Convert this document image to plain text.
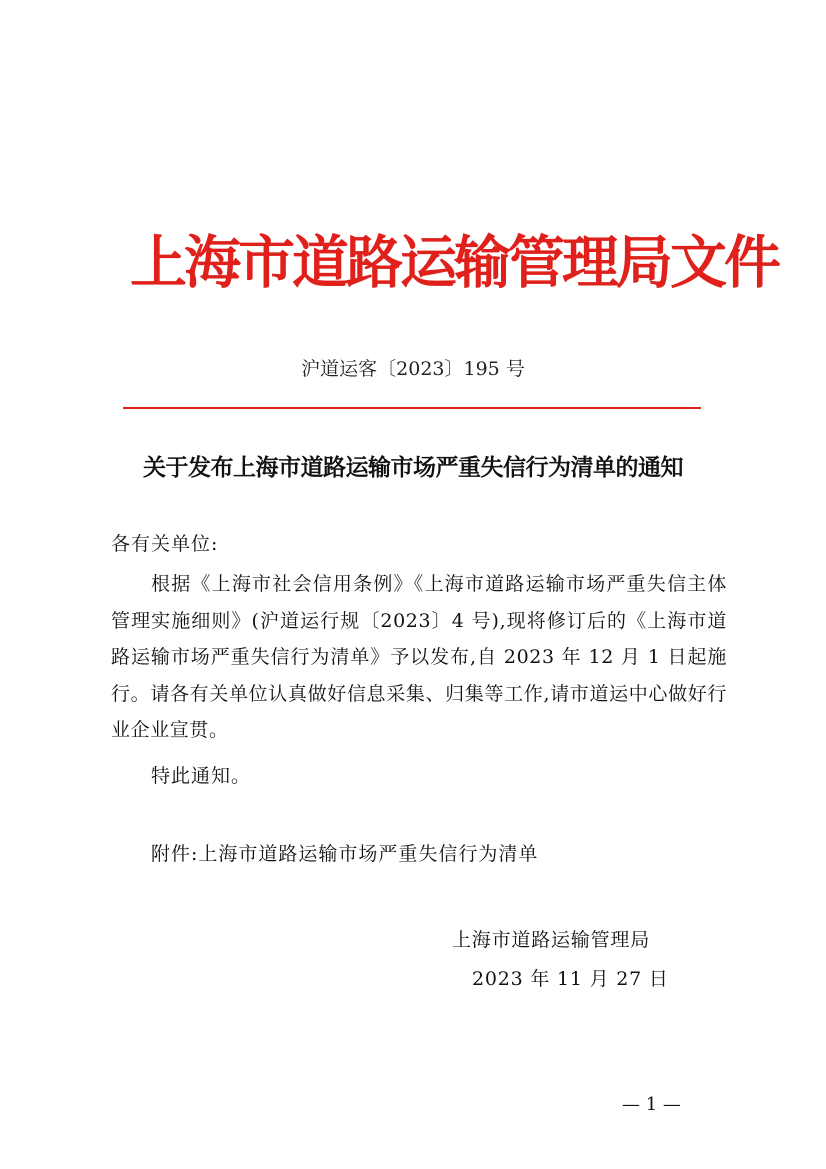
上海市道路运输管理局文件
沪道运客〔2023〕195 号
关于发布上海市道路运输市场严重失信行为清单的通知
各有关单位:

根据《上海市社会信用条例》《上海市道路运输市场严重失信主体管理实施细则》(沪道运行规〔2023〕4 号),现将修订后的《上海市道路运输市场严重失信行为清单》予以发布,自 2023 年 12 月 1 日起施行。请各有关单位认真做好信息采集、归集等工作,请市道运中心做好行业企业宣贯。

特此通知。
附件:上海市道路运输市场严重失信行为清单
上海市道路运输管理局
2023 年 11 月 27 日
— 1 —
